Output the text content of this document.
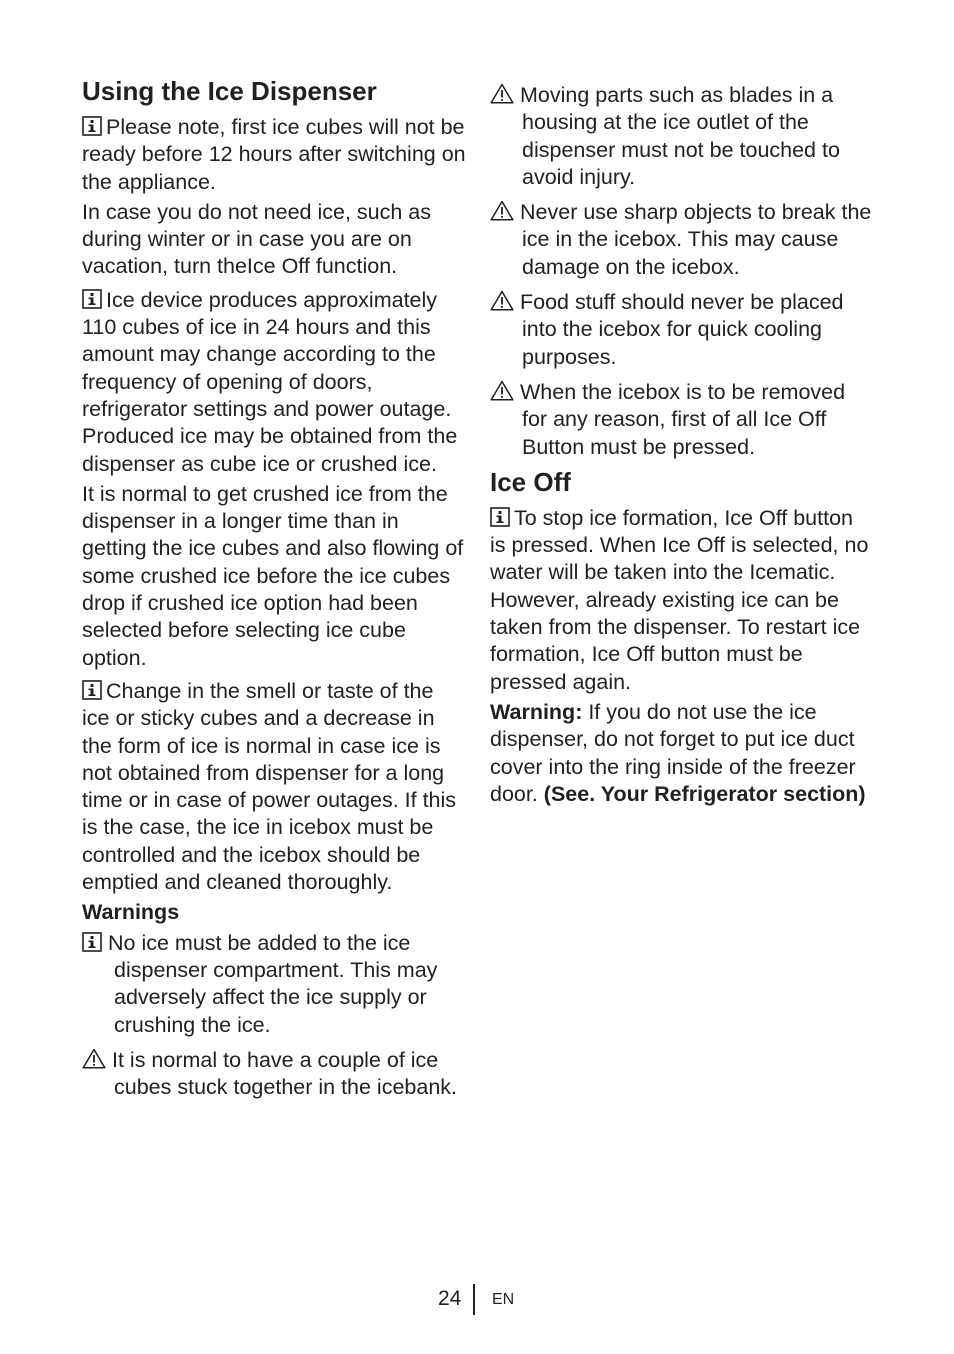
Using the Ice Dispenser

Please note, first ice cubes will not be ready before 12 hours after switching on the appliance.

In case you do not need ice, such as during winter or in case you are on vacation, turn theIce Off function.

Ice device produces approximately 110 cubes of ice in 24 hours and this amount may change according to the frequency of opening of doors, refrigerator settings and power outage. Produced ice may be obtained from the dispenser as cube ice or crushed ice.

It is normal to get crushed ice from the dispenser in a longer time than in getting the ice cubes and also flowing of some crushed ice before the ice cubes drop if crushed ice option had been selected before selecting ice cube option.

Change in the smell or taste of the ice or sticky cubes and a decrease in the form of ice is normal in case ice is not obtained from dispenser for a long time or in case of power outages. If this is the case, the ice in icebox must be controlled and the icebox should be emptied and cleaned thoroughly.

Warnings

No ice must be added to the ice dispenser compartment. This may adversely affect the ice supply or crushing the ice.

It is normal to have a couple of ice cubes stuck together in the icebank.

Moving parts such as blades in a housing at the ice outlet of the dispenser must not be touched to avoid injury.

Never use sharp objects to break the ice in the icebox. This may cause damage on the icebox.

Food stuff should never be placed into the icebox for quick cooling purposes.

When the icebox is to be removed for any reason, first of all Ice Off Button must be pressed.

Ice Off

To stop ice formation, Ice Off button is pressed. When Ice Off is selected, no water will be taken into the Icematic. However, already existing ice can be taken from the dispenser. To restart ice formation, Ice Off button must be pressed again.

Warning: If you do not use the ice dispenser, do not forget to put ice duct cover into the ring inside of the freezer door. (See. Your Refrigerator section)

24 EN
